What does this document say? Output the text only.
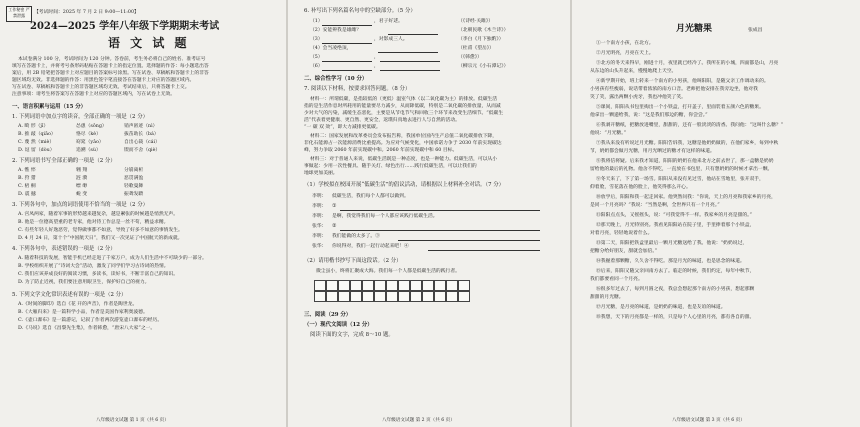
工作秘密 严禁泄露
【考试时间：2025 年 7 月 2 日 9:00—11:00】
2024—2025 学年八年级下学期期末考试
语 文 试 题
本试卷满分 100 分，考试时间为 120 分钟。答卷前，考生务必将自己的姓名、准考证号
填写在答题卡上，并将考号条形码粘贴在答题卡上的指定位置。选择题的作答：每小题选出答
案后，用 2B 铅笔把答题卡上对应题目的答案标号涂黑。写在试卷、草稿纸和答题卡上的非答
题区域均无效。非选择题的作答：用黑色签字笔直接答在答题卡上对应的答题区域内。
写在试卷、草稿纸和答题卡上的非答题区域均无效。考试结束后，只将答题卡上交。
注意事项：请考生将答案写在答题卡上对应的答题区域内，写在试卷上无效。
一、语言积累与运用（15 分）
1. 下列词语中加点字的读音，全部正确的一项是（2 分）
A. 畸 形（jī）	怂恿（sǒnɡ）	销声匿迹（nì）
B. 推 敲（qiāo）	恪尽（kè）	拔苗助长（bá）
C. 蔑 然（miè）	窈窕（yǎo）	自出心裁（cái）
D. 逗 留（dòu）	追溯（sù）	锲而不舍（qiè）
2. 下列词语书写全部正确的一项是（2 分）
A. 憔 悴	翱 翔	分崩离析
B. 狩 猎	涟 漪	恶贯满盈
C. 梧 桐	缥 缈	轻歌曼舞
D. 震 撼	蜕 变	振聋发聩
3. 下列各句中，加点的词语使用不恰当的一项是（2 分）
A. 宫凤两家，随着军事的形势越来越复杂，越是紧张的时候越是悄然无声。
B. 他是一位德高望重的老专家，他对待工作总是一丝不苟，精益求精。
C. 有些年轻人好逸恶劳，觉得做事都不如意，导致了好多不如意的事情发生。
D. 4 月 24 日，第十个“中国航天日”，我们又一次见证了中国航天的新成就。
4. 下列各句中，表述错误的一项是（2 分）
A. 随着科技的发展，智能手机已经走进了千家万户，成为人们生活中不可缺少的一部分。
B. 学校组织开展了“诗词大会”活动，激发了同学们学习古诗词的热情。
C. 我们应该养成良好的阅读习惯，多读书，读好书，不断丰富自己的知识。
D. 为了防止近视，我们要注意用眼卫生，保护好自己的视力。
5. 下列文学文化常识表述有误的一项是（2 分）
A.《时间的脚印》选自《花 开的声音》，作者是陶世龙。
B.《大雁归来》是一篇科学小品，作者是美国作家利奥波德。
C.《壶口瀑布》是一篇游记，记叙了作者两次游览壶口瀑布的经历。
D.《马说》选自《昌黎先生集》，作者韩愈，“唐宋八大家”之一。
八年级语文试题 第 1 页（共 6 页）
6. 补写出下列名篇名句中的空缺部分。（5 分）
（1）	，君子好逑。	（《诗经·关雎》）
（2）安能辨我是雄雌？	（北朝民歌《木兰诗》）
（3）	，对影成三人。	（李白《月下独酌》）
（4）会当凌绝顶，	（杜甫《望岳》）
（5）	，	（《韩愈》）
（6）	，	（柳宗元《小石潭记》）
二、综合性学习（10 分）
7. 阅读以下材料，按要求回答问题。（8 分）
材料一：所谓低碳，是指较低的（更低）温室气体（以二氧化碳为主）的排放。低碳生活
指的是生活作息时所耗用的能量要尽力减少，从而降低碳，特别是二氧化碳的排放量，从而减
少对大气的污染，减缓生态恶化，主要是从节电节气和回收三个环节来改变生活细节。“低碳生
活”代表着更健康、更自然、更安全，返璞归真地去进行人与自然的活动。
“一 碳 双 效”，即大力减排更低碳。
材料二：国家发展和改革委员会发布报告称，我国单位国内生产总值二氧化碳排放下降，
非化石能源占一次能源消费比重提高。为应对气候变化，中国承诺力争于 2030 年前实现碳达
峰，努力争取 2060 年前实现碳中和。2060 年前实现碳中和 60 目标。
材料三：对于普通人来说，低碳生活既是一种态度，也是一种能力。低碳生活，可以从小
事做起：少用一次性餐具、随手关灯、绿色出行……践行低碳生活，可以让我们的
地球更加美丽。
（1）学校拟在校园开展“低碳生活”的倡议活动，请根据以上材料补全对话。（7 分）
李明： 低碳生活，我们每个人都可以做到。
李明： ①
李明： 是啊，我觉得我们每一个人都应该践行低碳生活。
张华： ②
李明： 我们能做的太多了。③
张华： 你说得对，我们一起行动起来吧！④
（2）请用楷书抄写下面这段话。（2 分）
微尘虽小，终将汇聚成大海。我们每一个人都是低碳生活的践行者。
三、阅读（29 分）
（一）现代文阅读（12 分）
阅读下面的文字，完成 8～10 题。
八年级语文试题 第 2 页（共 6 页）
月光糖果	张成昌
①一个南方小孩，在北方。
②月光明亮，月亮在天上。
③北方的冬天来得早，刚进十月，夜里就已经冷了。我所在的小城，四面都是山，月亮
从东边的山头升起来，慢慢地爬上天空。
④新学期开始，班上转来一个南方的小男孩，他叫阳阳，是随父亲工作调动来的。
小男孩有些瘦弱，说话带着浓浓的南方口音。老师把他安排在我旁边坐，他对我
笑了笑，露出两颗小虎牙，我也冲他笑了笑。
⑤课间，阳阳从书包里掏出一个小铁盒，打开盖子，里面装着五颜六色的糖果。
他拿出一颗递给我，说：“这是我们那边的糖，你尝尝。”
⑥我剥开糖纸，把糖放进嘴里，甜甜的，还有一股淡淡的清香。我问他：“这叫什么糖？”
他说：“月光糖。”
⑦我从来没有听说过月光糖。阳阳告诉我，这糖是他奶奶做的，在他们家乡，每到中秋
节，奶奶都会做月光糖，用月光晒过的糖才有这样的味道。
⑧我将信将疑。后来我才知道，阳阳的奶奶在他来北方之前去世了，那一盒糖是奶奶
留给他的最后的礼物。他舍不得吃，一直放在书包里，只有想奶奶的时候才拿出一颗。
⑨冬天来了，下了第一场雪。阳阳从来没有见过雪，他站在雪地里，张开双手，
仰着脸，雪花落在他的脸上，他笑得那么开心。
⑩放学后，阳阳和我一起走回家。他突然问我：“你说，天上的月亮和我家乡的月亮，
是同一个月亮吗？”我说：“当然是啊，全世界只有一个月亮。”
⑪阳阳点点头，又摇摇头，说：“可我觉得不一样。我家乡的月亮是甜的。”
⑫那天晚上，月光特别亮。我看见阳阳站在院子里，手里捧着那个小铁盒，
对着月亮，轻轻地说着什么。
⑬第二天，阳阳把铁盒里最后一颗月光糖送给了我。他说：“奶奶说过，
把糖分给好朋友，甜就会加倍。”
⑭我握着那颗糖，久久舍不得吃。那是月光的味道，也是思念的味道。
⑮后来，阳阳又随父亲回南方去了。临走的时候，我们约定，每年中秋节，
我们都要看同一个月亮。
⑯很多年过去了，每到月圆之夜，我总会想起那个南方的小男孩，想起那颗
甜甜的月光糖。
⑰月光糖，是月亮的味道，是奶奶的味道，也是友谊的味道。
⑱我想，天下的月亮都是一样的，只是每个人心里的月亮，都有各自的甜。
八年级语文试题 第 3 页（共 6 页）
